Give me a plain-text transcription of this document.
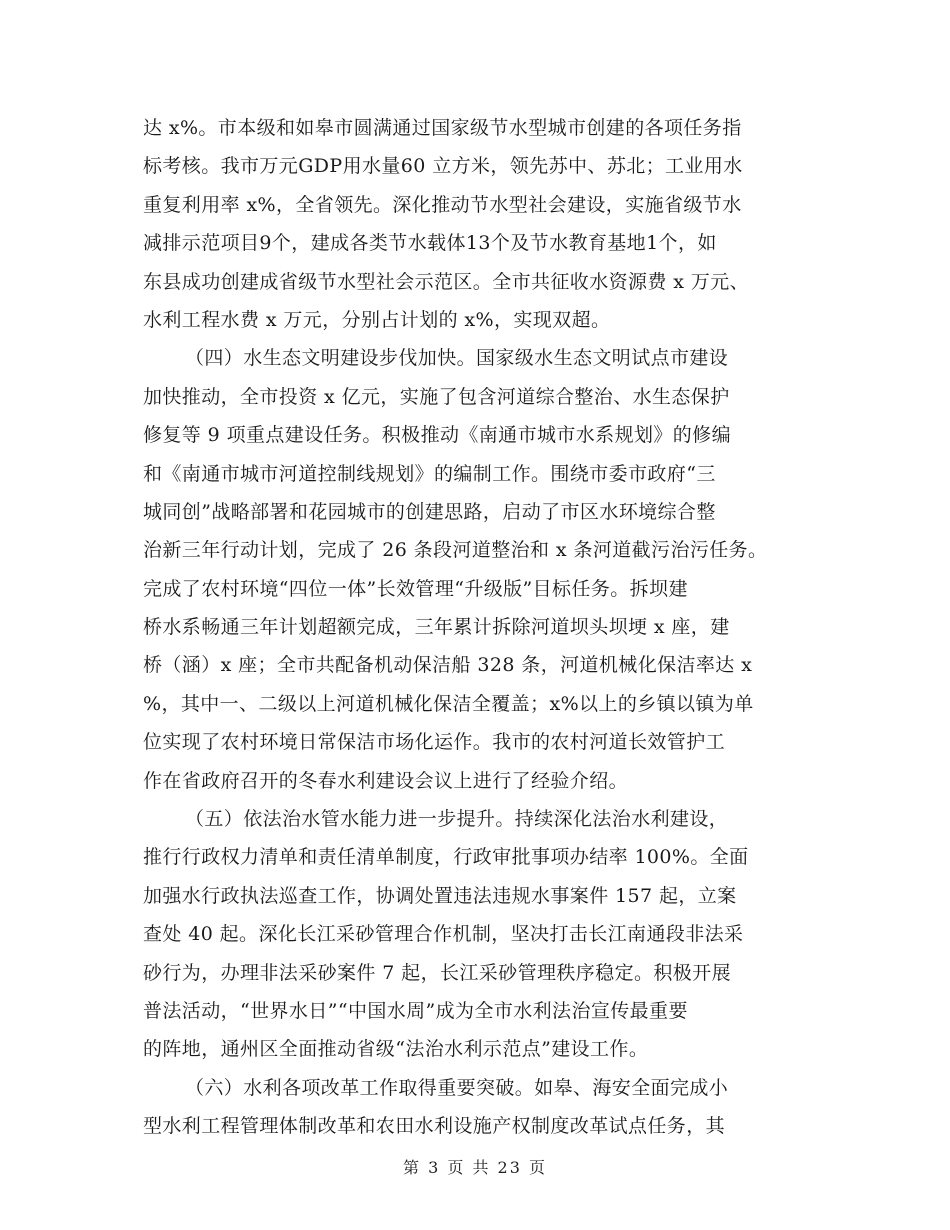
达 x%。市本级和如皋市圆满通过国家级节水型城市创建的各项任务指
标考核。我市万元GDP用水量60 立方米，领先苏中、苏北；工业用水
重复利用率 x%，全省领先。深化推动节水型社会建设，实施省级节水
减排示范项目9个，建成各类节水载体13个及节水教育基地1个，如
东县成功创建成省级节水型社会示范区。全市共征收水资源费 x 万元、
水利工程水费 x 万元，分别占计划的 x%，实现双超。
（四）水生态文明建设步伐加快。国家级水生态文明试点市建设
加快推动，全市投资 x 亿元，实施了包含河道综合整治、水生态保护
修复等 9 项重点建设任务。积极推动《南通市城市水系规划》的修编
和《南通市城市河道控制线规划》的编制工作。围绕市委市政府“三
城同创”战略部署和花园城市的创建思路，启动了市区水环境综合整
治新三年行动计划，完成了 26 条段河道整治和 x 条河道截污治污任务。
完成了农村环境“四位一体”长效管理“升级版”目标任务。拆坝建
桥水系畅通三年计划超额完成，三年累计拆除河道坝头坝埂 x 座，建
桥（涵）x 座；全市共配备机动保洁船 328 条，河道机械化保洁率达 x
%，其中一、二级以上河道机械化保洁全覆盖；x%以上的乡镇以镇为单
位实现了农村环境日常保洁市场化运作。我市的农村河道长效管护工
作在省政府召开的冬春水利建设会议上进行了经验介绍。
（五）依法治水管水能力进一步提升。持续深化法治水利建设，
推行行政权力清单和责任清单制度，行政审批事项办结率 100%。全面
加强水行政执法巡查工作，协调处置违法违规水事案件 157 起，立案
查处 40 起。深化长江采砂管理合作机制，坚决打击长江南通段非法采
砂行为，办理非法采砂案件 7 起，长江采砂管理秩序稳定。积极开展
普法活动，“世界水日”“中国水周”成为全市水利法治宣传最重要
的阵地，通州区全面推动省级“法治水利示范点”建设工作。
（六）水利各项改革工作取得重要突破。如皋、海安全面完成小
型水利工程管理体制改革和农田水利设施产权制度改革试点任务，其
第 3 页 共 23 页
